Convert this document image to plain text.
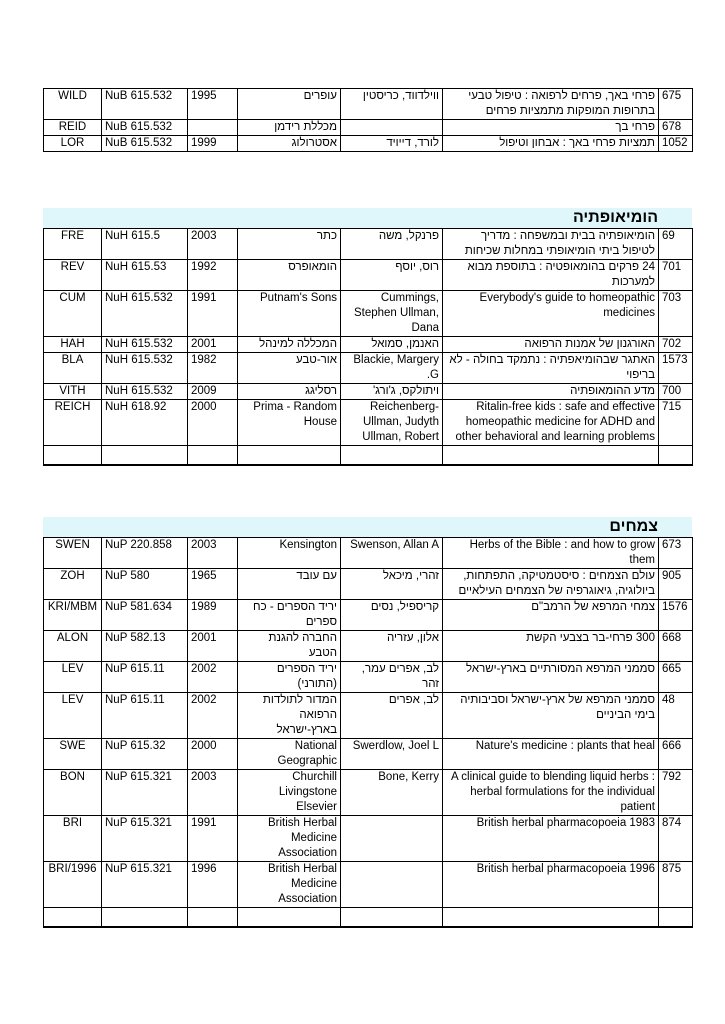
WILD	NuB 615.532	1995	עופרים	ווילדווד, כריסטין	פרחי באך, פרחים לרפואה : טיפול טבעי בתרופות המופקות מתמציות פרחים	675
REID	NuB 615.532		מכללת רידמן		פרחי בך	678
LOR	NuB 615.532	1999	אסטרולוג	לורד, דייויד	תמציות פרחי באך : אבחון וטיפול	1052
הומיאופתיה
FRE	NuH 615.5	2003	כתר	פרנקל, משה	הומיאופתיה בבית ובמשפחה : מדריך לטיפול ביתי הומיאופתי במחלות שכיחות	69
REV	NuH 615.53	1992	הומאופרס	רוס, יוסף	24 פרקים בהומאופטיה : בתוספת מבוא למערכות	701
CUM	NuH 615.532	1991	Putnam's Sons	Cummings, Stephen Ullman, Dana	Everybody's guide to homeopathic medicines	703
HAH	NuH 615.532	2001	המכללה למינהל	האנמן, סמואל	האורגנון של אמנות הרפואה	702
BLA	NuH 615.532	1982	אור-טבע	Blackie, Margery G.	האתגר שבהומיאפתיה : נתמקד בחולה - לא בריפוי	1573
VITH	NuH 615.532	2009	רסליגג	ויתולקס, ג'ורג'	מדע ההומאופתיה	700
REICH	NuH 618.92	2000	Prima - Random House	Reichenberg-Ullman, Judyth Ullman, Robert	Ritalin-free kids : safe and effective homeopathic medicine for ADHD and other behavioral and learning problems	715

צמחים
SWEN	NuP 220.858	2003	Kensington	Swenson, Allan A	Herbs of the Bible : and how to grow them	673
ZOH	NuP 580	1965	עם עובד	זהרי, מיכאל	עולם הצמחים : סיסטמטיקה, התפתחות, ביולוגיה, גיאוגרפיה של הצמחים העילאיים	905
KRI/MBM	NuP 581.634	1989	יריד הספרים - כח ספרים	קריספיל, נסים	צמחי המרפא של הרמב"ם	1576
ALON	NuP 582.13	2001	החברה להגנת הטבע	אלון, עזריה	300 פרחי-בר בצבעי הקשת	668
LEV	NuP 615.11	2002	יריד הספרים (התורני)	לב, אפרים עמר, זהר	סממני המרפא המסורתיים בארץ-ישראל	665
LEV	NuP 615.11	2002	המדור לתולדות הרפואה בארץ-ישראל	לב, אפרים	סממני המרפא של ארץ-ישראל וסביבותיה בימי הביניים	48
SWE	NuP 615.32	2000	National Geographic	Swerdlow, Joel L	Nature's medicine : plants that heal	666
BON	NuP 615.321	2003	Churchill Livingstone Elsevier	Bone, Kerry	A clinical guide to blending liquid herbs : herbal formulations for the individual patient	792
BRI	NuP 615.321	1991	British Herbal Medicine Association		British herbal pharmacopoeia 1983	874
BRI/1996	NuP 615.321	1996	British Herbal Medicine Association		British herbal pharmacopoeia 1996	875
